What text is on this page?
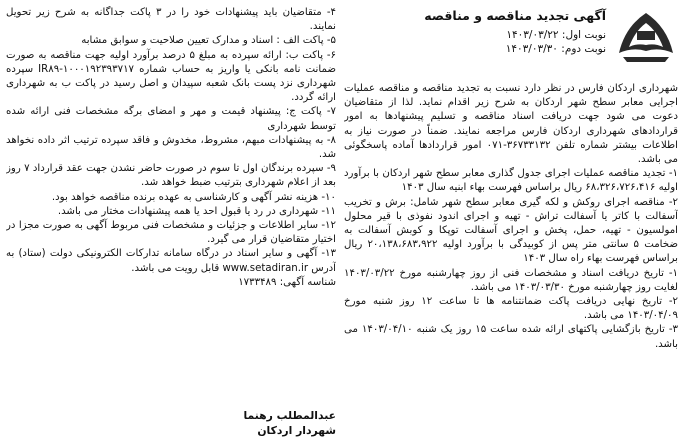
آگهی تجدید مناقصه و مناقصه

نوبت اول: ۱۴۰۳/۰۳/۲۲

نوبت دوم: ۱۴۰۳/۰۳/۳۰

شهرداری اردکان فارس در نظر دارد نسبت به تجدید مناقصه و مناقصه عملیات اجرایی معابر سطح شهر اردکان به شرح زیر اقدام نماید. لذا از متقاضیان دعوت می شود جهت دریافت اسناد مناقصه و تسلیم پیشنهادها به امور قراردادهای شهرداری اردکان فارس مراجعه نمایند. ضمناً در صورت نیاز به اطلاعات بیشتر شماره تلفن ۳۶۷۳۳۱۳۲-۰۷۱ امور قراردادها آماده پاسخگوئی می باشد.

۱- تجدید مناقصه عملیات اجرای جدول گذاری معابر سطح شهر اردکان با برآورد اولیه ۶۸،۳۲۶،۷۲۶،۴۱۶ ریال براساس فهرست بهاء ابنیه سال ۱۴۰۳

۲- مناقصه اجرای روکش و لکه گیری معابر سطح شهر شامل: برش و تخریب آسفالت با کاتر یا آسفالت تراش - تهیه و اجرای اندود نفوذی با قیر محلول امولسیون - تهیه، حمل، پخش و اجرای آسفالت توپکا و کوبش آسفالت به ضخامت ۵ سانتی متر پس از کوبیدگی با برآورد اولیه ۲۰،۱۳۸،۶۸۳،۹۲۲ ریال براساس فهرست بهاء راه سال ۱۴۰۳

۱- تاریخ دریافت اسناد و مشخصات فنی از روز چهارشنبه مورخ ۱۴۰۳/۰۳/۲۲ لغایت روز چهارشنبه مورخ ۱۴۰۳/۰۳/۳۰ می باشد.

۲- تاریخ نهایی دریافت پاکت ضمانتنامه ها تا ساعت ۱۲ روز شنبه مورخ ۱۴۰۳/۰۴/۰۹ می باشد.

۳- تاریخ بازگشایی پاکتهای ارائه شده ساعت ۱۵ روز یک شنبه ۱۴۰۳/۰۴/۱۰ می باشد.

۴- متقاضیان باید پیشنهادات خود را در ۳ پاکت جداگانه به شرح زیر تحویل نمایند.

۵- پاکت الف : اسناد و مدارک تعیین صلاحیت و سوابق مشابه

۶- پاکت ب: ارائه سپرده به مبلغ ۵ درصد برآورد اولیه جهت مناقصه به صورت ضمانت نامه بانکی یا واریز به حساب شماره ۱۰۰۰۱۹۲۳۹۳۷۱۷-IR۸۹ سپرده شهرداری نزد پست بانک شعبه سپیدان و اصل رسید در پاکت ب به شهرداری ارائه گردد.

۷- پاکت ج: پیشنهاد قیمت و مهر و امضای برگه مشخصات فنی ارائه شده توسط شهرداری

۸- به پیشنهادات مبهم، مشروط، مخدوش و فاقد سپرده ترتیب اثر داده نخواهد شد.

۹- سپرده برندگان اول تا سوم در صورت حاضر نشدن جهت عقد قرارداد ۷ روز بعد از اعلام شهرداری بترتیب ضبط خواهد شد.

۱۰- هزینه نشر آگهی و کارشناسی به عهده برنده مناقصه خواهد بود.

۱۱- شهرداری در رد یا قبول احد یا همه پیشنهادات مختار می باشد.

۱۲- سایر اطلاعات و جزئیات و مشخصات فنی مربوط آگهی به صورت مجزا در اختیار متقاضیان قرار می گیرد.

۱۳- آگهی و سایر اسناد در درگاه سامانه تدارکات الکترونیکی دولت (ستاد) به آدرس www.setadiran.ir قابل رویت می باشد.

شناسه آگهی: ۱۷۳۳۴۸۹

عبدالمطلب رهنما
شهردار اردکان
